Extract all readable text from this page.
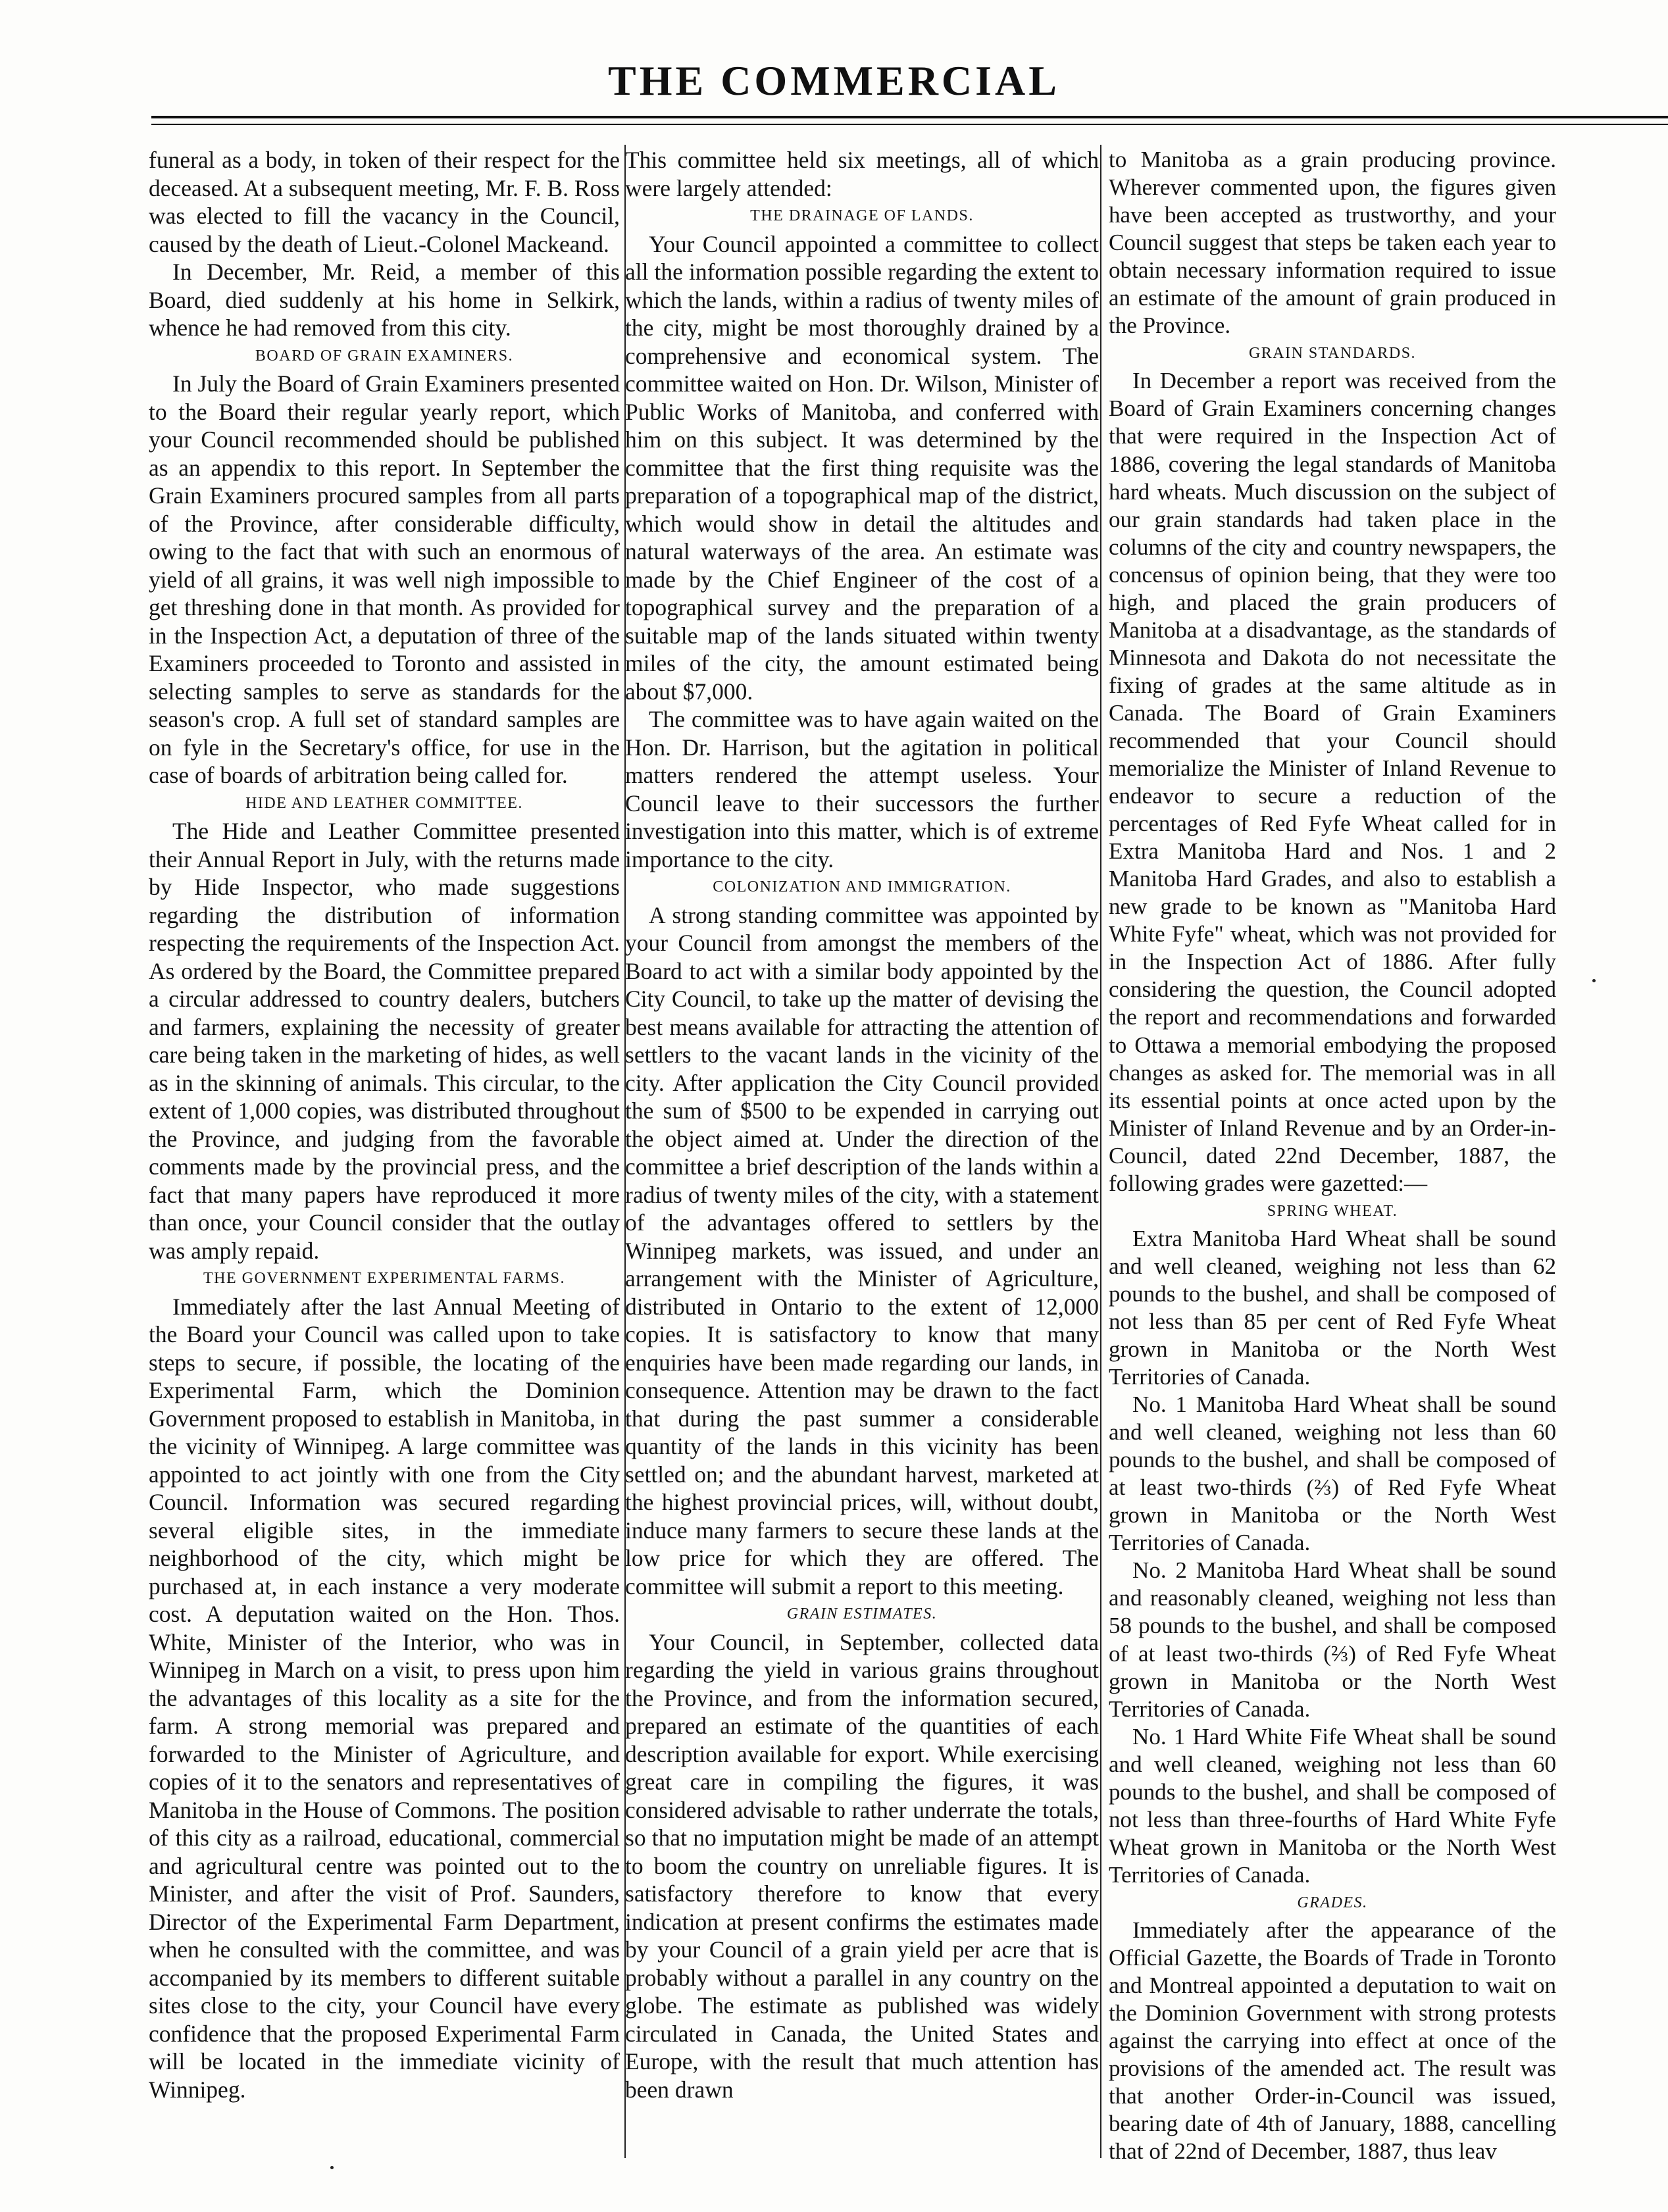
THE COMMERCIAL

funeral as a body, in token of their respect for the deceased. At a subsequent meeting, Mr. F. B. Ross was elected to fill the vacancy in the Council, caused by the death of Lieut.-Colonel Mackeand.

In December, Mr. Reid, a member of this Board, died suddenly at his home in Selkirk, whence he had removed from this city.

BOARD OF GRAIN EXAMINERS.

In July the Board of Grain Examiners presented to the Board their regular yearly report, which your Council recommended should be published as an appendix to this report. In September the Grain Examiners procured samples from all parts of the Province, after considerable difficulty, owing to the fact that with such an enormous of yield of all grains, it was well nigh impossible to get threshing done in that month. As provided for in the Inspection Act, a deputation of three of the Examiners proceeded to Toronto and assisted in selecting samples to serve as standards for the season's crop. A full set of standard samples are on fyle in the Secretary's office, for use in the case of boards of arbitration being called for.

HIDE AND LEATHER COMMITTEE.

The Hide and Leather Committee presented their Annual Report in July, with the returns made by Hide Inspector, who made suggestions regarding the distribution of information respecting the requirements of the Inspection Act. As ordered by the Board, the Committee prepared a circular addressed to country dealers, butchers and farmers, explaining the necessity of greater care being taken in the marketing of hides, as well as in the skinning of animals. This circular, to the extent of 1,000 copies, was distributed throughout the Province, and judging from the favorable comments made by the provincial press, and the fact that many papers have reproduced it more than once, your Council consider that the outlay was amply repaid.

THE GOVERNMENT EXPERIMENTAL FARMS.

Immediately after the last Annual Meeting of the Board your Council was called upon to take steps to secure, if possible, the locating of the Experimental Farm, which the Dominion Government proposed to establish in Manitoba, in the vicinity of Winnipeg. A large committee was appointed to act jointly with one from the City Council. Information was secured regarding several eligible sites, in the immediate neighborhood of the city, which might be purchased at, in each instance a very moderate cost. A deputation waited on the Hon. Thos. White, Minister of the Interior, who was in Winnipeg in March on a visit, to press upon him the advantages of this locality as a site for the farm. A strong memorial was prepared and forwarded to the Minister of Agriculture, and copies of it to the senators and representatives of Manitoba in the House of Commons. The position of this city as a railroad, educational, commercial and agricultural centre was pointed out to the Minister, and after the visit of Prof. Saunders, Director of the Experimental Farm Department, when he consulted with the committee, and was accompanied by its members to different suitable sites close to the city, your Council have every confidence that the proposed Experimental Farm will be located in the immediate vicinity of Winnipeg.

This committee held six meetings, all of which were largely attended:

THE DRAINAGE OF LANDS.

Your Council appointed a committee to collect all the information possible regarding the extent to which the lands, within a radius of twenty miles of the city, might be most thoroughly drained by a comprehensive and economical system. The committee waited on Hon. Dr. Wilson, Minister of Public Works of Manitoba, and conferred with him on this subject. It was determined by the committee that the first thing requisite was the preparation of a topographical map of the district, which would show in detail the altitudes and natural waterways of the area. An estimate was made by the Chief Engineer of the cost of a topographical survey and the preparation of a suitable map of the lands situated within twenty miles of the city, the amount estimated being about $7,000.

The committee was to have again waited on the Hon. Dr. Harrison, but the agitation in political matters rendered the attempt useless. Your Council leave to their successors the further investigation into this matter, which is of extreme importance to the city.

COLONIZATION AND IMMIGRATION.

A strong standing committee was appointed by your Council from amongst the members of the Board to act with a similar body appointed by the City Council, to take up the matter of devising the best means available for attracting the attention of settlers to the vacant lands in the vicinity of the city. After application the City Council provided the sum of $500 to be expended in carrying out the object aimed at. Under the direction of the committee a brief description of the lands within a radius of twenty miles of the city, with a statement of the advantages offered to settlers by the Winnipeg markets, was issued, and under an arrangement with the Minister of Agriculture, distributed in Ontario to the extent of 12,000 copies. It is satisfactory to know that many enquiries have been made regarding our lands, in consequence. Attention may be drawn to the fact that during the past summer a considerable quantity of the lands in this vicinity has been settled on; and the abundant harvest, marketed at the highest provincial prices, will, without doubt, induce many farmers to secure these lands at the low price for which they are offered. The committee will submit a report to this meeting.

GRAIN ESTIMATES.

Your Council, in September, collected data regarding the yield in various grains throughout the Province, and from the information secured, prepared an estimate of the quantities of each description available for export. While exercising great care in compiling the figures, it was considered advisable to rather underrate the totals, so that no imputation might be made of an attempt to boom the country on unreliable figures. It is satisfactory therefore to know that every indication at present confirms the estimates made by your Council of a grain yield per acre that is probably without a parallel in any country on the globe. The estimate as published was widely circulated in Canada, the United States and Europe, with the result that much attention has been drawn

to Manitoba as a grain producing province. Wherever commented upon, the figures given have been accepted as trustworthy, and your Council suggest that steps be taken each year to obtain necessary information required to issue an estimate of the amount of grain produced in the Province.

GRAIN STANDARDS.

In December a report was received from the Board of Grain Examiners concerning changes that were required in the Inspection Act of 1886, covering the legal standards of Manitoba hard wheats. Much discussion on the subject of our grain standards had taken place in the columns of the city and country newspapers, the concensus of opinion being, that they were too high, and placed the grain producers of Manitoba at a disadvantage, as the standards of Minnesota and Dakota do not necessitate the fixing of grades at the same altitude as in Canada. The Board of Grain Examiners recommended that your Council should memorialize the Minister of Inland Revenue to endeavor to secure a reduction of the percentages of Red Fyfe Wheat called for in Extra Manitoba Hard and Nos. 1 and 2 Manitoba Hard Grades, and also to establish a new grade to be known as "Manitoba Hard White Fyfe" wheat, which was not provided for in the Inspection Act of 1886. After fully considering the question, the Council adopted the report and recommendations and forwarded to Ottawa a memorial embodying the proposed changes as asked for. The memorial was in all its essential points at once acted upon by the Minister of Inland Revenue and by an Order-in-Council, dated 22nd December, 1887, the following grades were gazetted:—

SPRING WHEAT.

Extra Manitoba Hard Wheat shall be sound and well cleaned, weighing not less than 62 pounds to the bushel, and shall be composed of not less than 85 per cent of Red Fyfe Wheat grown in Manitoba or the North West Territories of Canada.

No. 1 Manitoba Hard Wheat shall be sound and well cleaned, weighing not less than 60 pounds to the bushel, and shall be composed of at least two-thirds (⅔) of Red Fyfe Wheat grown in Manitoba or the North West Territories of Canada.

No. 2 Manitoba Hard Wheat shall be sound and reasonably cleaned, weighing not less than 58 pounds to the bushel, and shall be composed of at least two-thirds (⅔) of Red Fyfe Wheat grown in Manitoba or the North West Territories of Canada.

No. 1 Hard White Fife Wheat shall be sound and well cleaned, weighing not less than 60 pounds to the bushel, and shall be composed of not less than three-fourths of Hard White Fyfe Wheat grown in Manitoba or the North West Territories of Canada.

GRADES.

Immediately after the appearance of the Official Gazette, the Boards of Trade in Toronto and Montreal appointed a deputation to wait on the Dominion Government with strong protests against the carrying into effect at once of the provisions of the amended act. The result was that another Order-in-Council was issued, bearing date of 4th of January, 1888, cancelling that of 22nd of December, 1887, thus leav
